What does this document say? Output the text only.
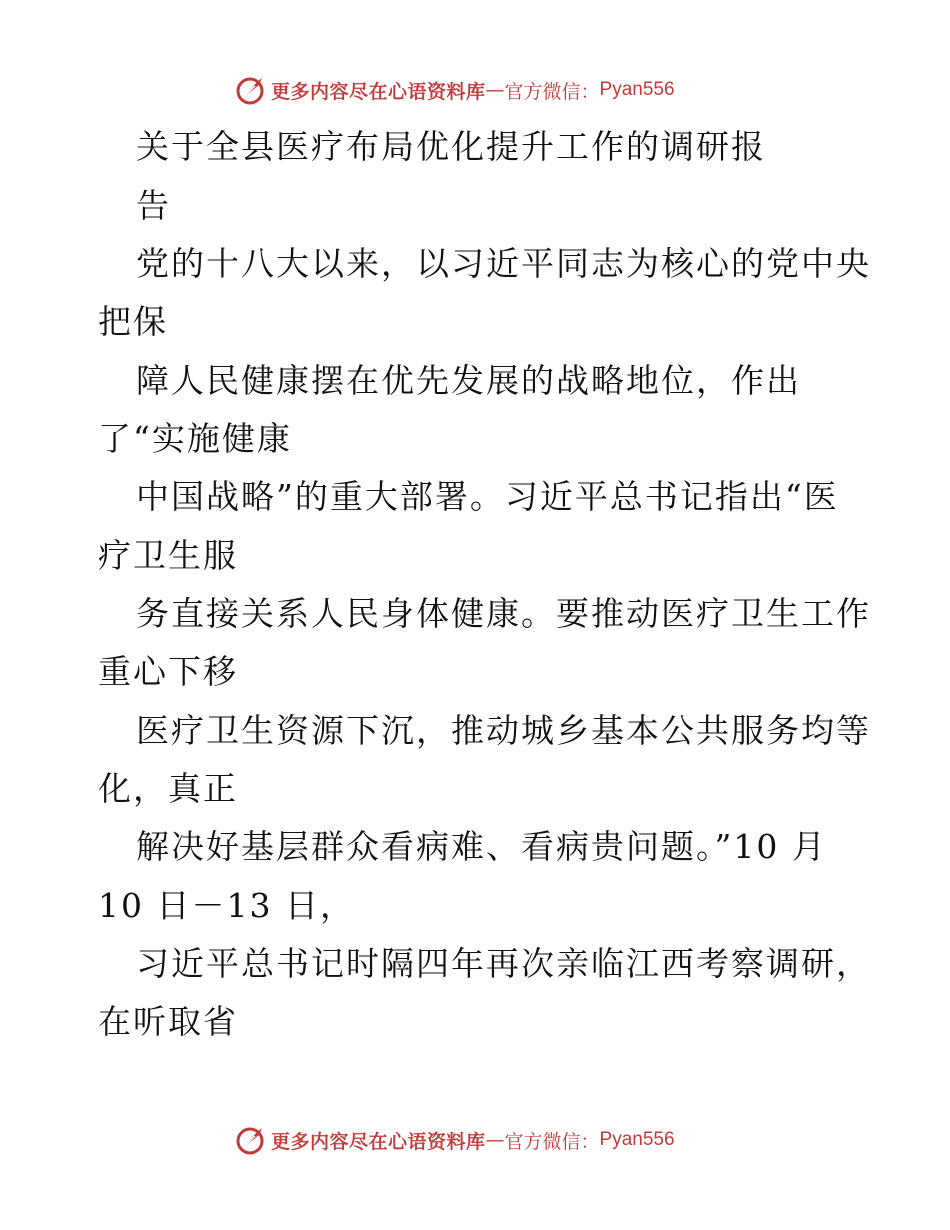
更多内容尽在心语资料库 — 官方微信： Pyan556

关于全县医疗布局优化提升工作的调研报

告

党的十八大以来，以习近平同志为核心的党中央

把保

障人民健康摆在优先发展的战略地位，作出

了“实施健康

中国战略”的重大部署。习近平总书记指出“医

疗卫生服

务直接关系人民身体健康。要推动医疗卫生工作

重心下移

医疗卫生资源下沉，推动城乡基本公共服务均等

化，真正

解决好基层群众看病难、看病贵问题。”10 月

10 日－13 日，

习近平总书记时隔四年再次亲临江西考察调研，

在听取省

更多内容尽在心语资料库 — 官方微信： Pyan556
